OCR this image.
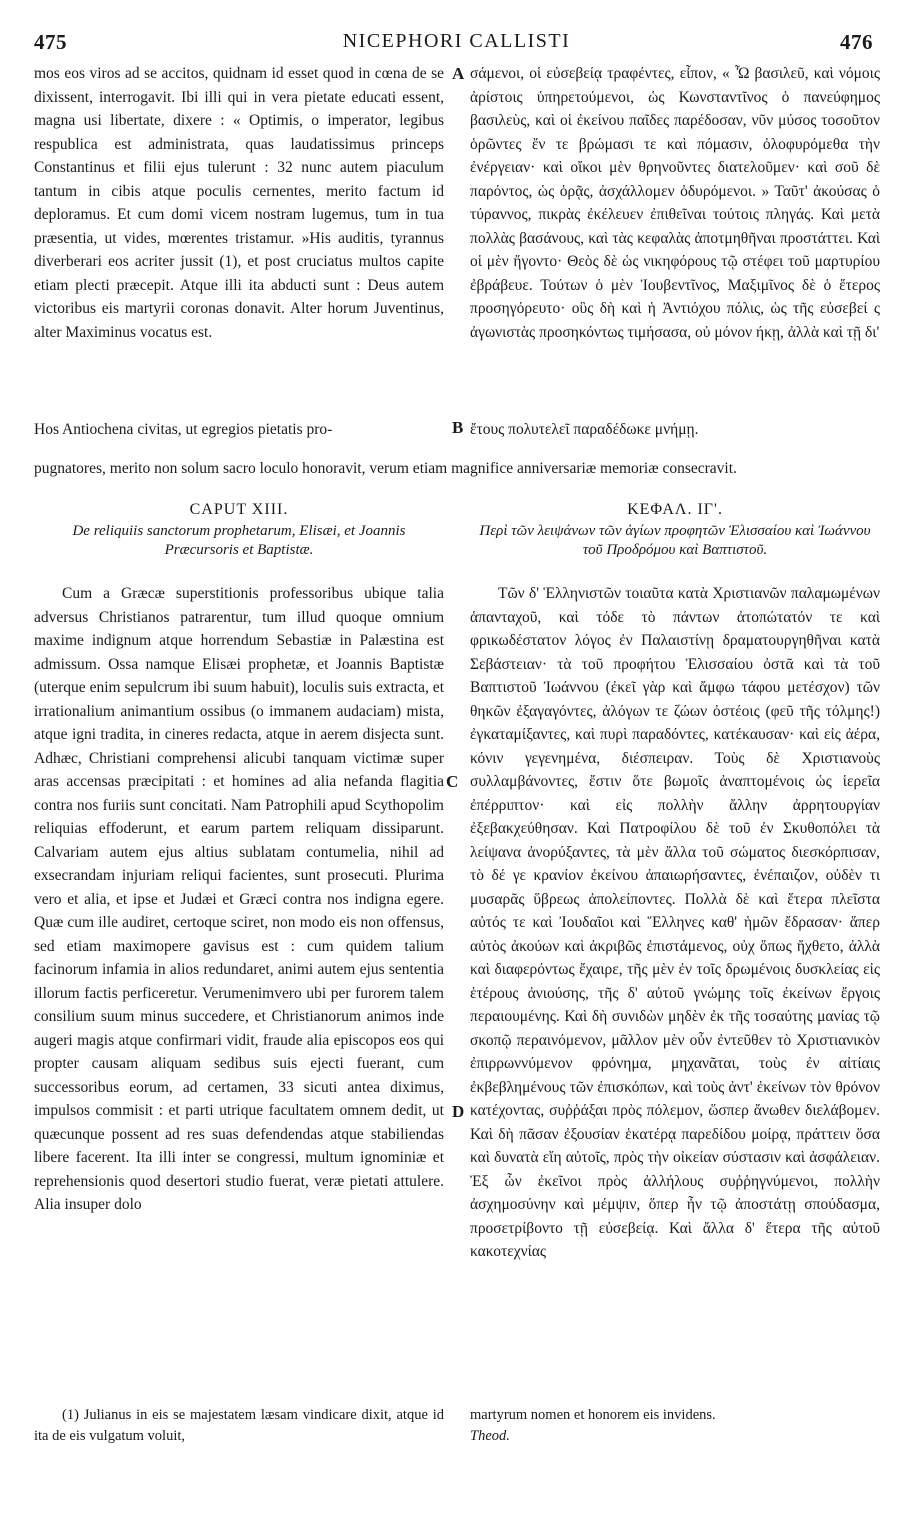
475	NICEPHORI CALLISTI	476
A
B
C
D

mos eos viros ad se accitos, quidnam id esset quod in cœna de se dixissent, interrogavit. Ibi illi qui in vera pietate educati essent, magna usi libertate, dixere : « Optimis, o imperator, legibus respublica est administrata, quas laudatissimus princeps Constantinus et filii ejus tulerunt : 32 nunc autem piaculum tantum in cibis atque poculis cernentes, merito factum id deploramus. Et cum domi vicem nostram lugemus, tum in tua præsentia, ut vides, mœrentes tristamur. »His auditis, tyrannus diverberari eos acriter jussit (1), et post cruciatus multos capite etiam plecti præcepit. Atque illi ita abducti sunt : Deus autem victoribus eis martyrii coronas donavit. Alter horum Juventinus, alter Maximinus vocatus est.

σάμενοι, οἱ εὐσεβείᾳ τραφέντες, εἶπον, « Ὦ βασιλεῦ, καὶ νόμοις ἀρίστοις ὑπηρετούμενοι, ὡς Κωνσταντῖνος ὁ πανεύφημος βασιλεὺς, καὶ οἱ ἐκείνου παῖδες παρέδοσαν, νῦν μύσος τοσοῦτον ὁρῶντες ἔν τε βρώμασι τε καὶ πόμασιν, ὀλοφυρόμεθα τὴν ἐνέργειαν· καὶ οἴκοι μὲν θρηνοῦντες διατελοῦμεν· καὶ σοῦ δὲ παρόντος, ὡς ὁρᾷς, ἀσχάλλομεν ὀδυρόμενοι. » Ταῦτ' ἀκούσας ὁ τύραννος, πικρὰς ἐκέλευεν ἐπιθεῖναι τούτοις πληγάς. Καὶ μετὰ πολλὰς βασάνους, καὶ τὰς κεφαλὰς ἀποτμηθῆναι προστάττει. Καὶ οἱ μὲν ἤγοντο· Θεὸς δὲ ὡς νικηφόρους τῷ στέφει τοῦ μαρτυρίου ἐβράβευε. Τούτων ὁ μὲν Ἰουβεντῖνος, Μαξιμῖνος δὲ ὁ ἕτερος προσηγόρευτο· οὓς δὴ καὶ ἡ Ἀντιόχου πόλις, ὡς τῆς εὐσεβεί ς ἀγωνιστὰς προσηκόντως τιμήσασα, οὐ μόνον ήκῃ, ἀλλὰ καὶ τῇ δι'

Hos Antiochena civitas, ut egregios pietatis pro-	ἔτους πολυτελεῖ παραδέδωκε μνήμῃ.

pugnatores, merito non solum sacro loculo honoravit, verum etiam magnifice anniversariæ memoriæ consecravit.

CAPUT XIII.

De reliquiis sanctorum prophetarum, Elisæi, et Joannis Præcursoris et Baptistæ.

ΚΕΦΑΛ. ΙΓ'.

Περὶ τῶν λειψάνων τῶν ἁγίων προφητῶν Ἐλισσαίου καὶ Ἰωάννου τοῦ Προδρόμου καὶ Βαπτιστοῦ.

Cum a Græcæ superstitionis professoribus ubique talia adversus Christianos patrarentur, tum illud quoque omnium maxime indignum atque horrendum Sebastiæ in Palæstina est admissum. Ossa namque Elisæi prophetæ, et Joannis Baptistæ (uterque enim sepulcrum ibi suum habuit), loculis suis extracta, et irrationalium animantium ossibus (o immanem audaciam) mista, atque igni tradita, in cineres redacta, atque in aerem disjecta sunt. Adhæc, Christiani comprehensi alicubi tanquam victimæ super aras accensas præcipitati : et homines ad alia nefanda flagitia contra nos furiis sunt concitati. Nam Patrophili apud Scythopolim reliquias effoderunt, et earum partem reliquam dissiparunt. Calvariam autem ejus altius sublatam contumelia, nihil ad exsecrandam injuriam reliqui facientes, sunt prosecuti. Plurima vero et alia, et ipse et Judæi et Græci contra nos indigna egere. Quæ cum ille audiret, certoque sciret, non modo eis non offensus, sed etiam maximopere gavisus est : cum quidem talium facinorum infamia in alios redundaret, animi autem ejus sententia illorum factis perficeretur. Verumenimvero ubi per furorem talem consilium suum minus succedere, et Christianorum animos inde augeri magis atque confirmari vidit, fraude alia episcopos eos qui propter causam aliquam sedibus suis ejecti fuerant, cum successoribus eorum, ad certamen, 33 sicuti antea diximus, impulsos commisit : et parti utrique facultatem omnem dedit, ut quæcunque possent ad res suas defendendas atque stabiliendas libere facerent. Ita illi inter se congressi, multum ignominiæ et reprehensionis quod desertori studio fuerat, veræ pietati attulere. Alia insuper dolo

Τῶν δ' Ἑλληνιστῶν τοιαῦτα κατὰ Χριστιανῶν παλαμωμένων ἁπανταχοῦ, καὶ τόδε τὸ πάντων ἀτοπώτατόν τε καὶ φρικωδέστατον λόγος ἐν Παλαιστίνῃ δραματουργηθῆναι κατὰ Σεβάστειαν· τὰ τοῦ προφήτου Ἐλισσαίου ὀστᾶ καὶ τὰ τοῦ Βαπτιστοῦ Ἰωάννου (ἐκεῖ γὰρ καὶ ἄμφω τάφου μετέσχον) τῶν θηκῶν ἐξαγαγόντες, ἀλόγων τε ζώων ὀστέοις (φεῦ τῆς τόλμης!) ἐγκαταμίξαντες, καὶ πυρὶ παραδόντες, κατέκαυσαν· καὶ εἰς ἀέρα, κόνιν γεγενημένα, διέσπειραν. Τοὺς δὲ Χριστιανοὺς συλλαμβάνοντες, ἔστιν ὅτε βωμοῖς ἀναπτομένοις ὡς ἱερεῖα ἐπέρριπτον· καὶ εἰς πολλὴν ἄλλην ἀρρητουργίαν ἐξεβακχεύθησαν. Καὶ Πατροφίλου δὲ τοῦ ἐν Σκυθοπόλει τὰ λείψανα ἀνορύξαντες, τὰ μὲν ἄλλα τοῦ σώματος διεσκόρπισαν, τὸ δέ γε κρανίον ἐκείνου ἀπαιωρήσαντες, ἐνέπαιζον, οὐδὲν τι μυσαρᾶς ὕβρεως ἀπολείποντες. Πολλὰ δὲ καὶ ἕτερα πλεῖστα αὐτός τε καὶ Ἰουδαῖοι καὶ Ἕλληνες καθ' ἡμῶν ἔδρασαν· ἅπερ αὐτὸς ἀκούων καὶ ἀκριβῶς ἐπιστάμενος, οὐχ ὅπως ἤχθετο, ἀλλὰ καὶ διαφερόντως ἔχαιρε, τῆς μὲν ἐν τοῖς δρωμένοις δυσκλείας εἰς ἑτέρους ἀνιούσης, τῆς δ' αὐτοῦ γνώμης τοῖς ἐκείνων ἔργοις περαιουμένης. Καὶ δὴ συνιδὼν μηδὲν ἐκ τῆς τοσαύτης μανίας τῷ σκοπῷ περαινόμενον, μᾶλλον μὲν οὖν ἐντεῦθεν τὸ Χριστιανικὸν ἐπιρρωννύμενον φρόνημα, μηχανᾶται, τοὺς ἐν αἰτίαις ἐκβεβλημένους τῶν ἐπισκόπων, καὶ τοὺς ἀντ' ἐκείνων τὸν θρόνον κατέχοντας, συῤῥάξαι πρὸς πόλεμον, ὥσπερ ἄνωθεν διελάβομεν. Καὶ δὴ πᾶσαν ἐξουσίαν ἑκατέρᾳ παρεδίδου μοίρᾳ, πράττειν ὅσα καὶ δυνατὰ εἴη αὐτοῖς, πρὸς τὴν οἰκείαν σύστασιν καὶ ἀσφάλειαν. Ἐξ ὧν ἐκεῖνοι πρὸς ἀλλήλους συῤῥηγνύμενοι, πολλὴν ἀσχημοσύνην καὶ μέμψιν, ὅπερ ἦν τῷ ἀποστάτῃ σπούδασμα, προσετρίβοντο τῇ εὐσεβείᾳ. Καὶ ἄλλα δ' ἕτερα τῆς αὐτοῦ κακοτεχνίας

(1) Julianus in eis se majestatem læsam vindicare dixit, atque id ita de eis vulgatum voluit,

martyrum nomen et honorem eis invidens.

Theod.
